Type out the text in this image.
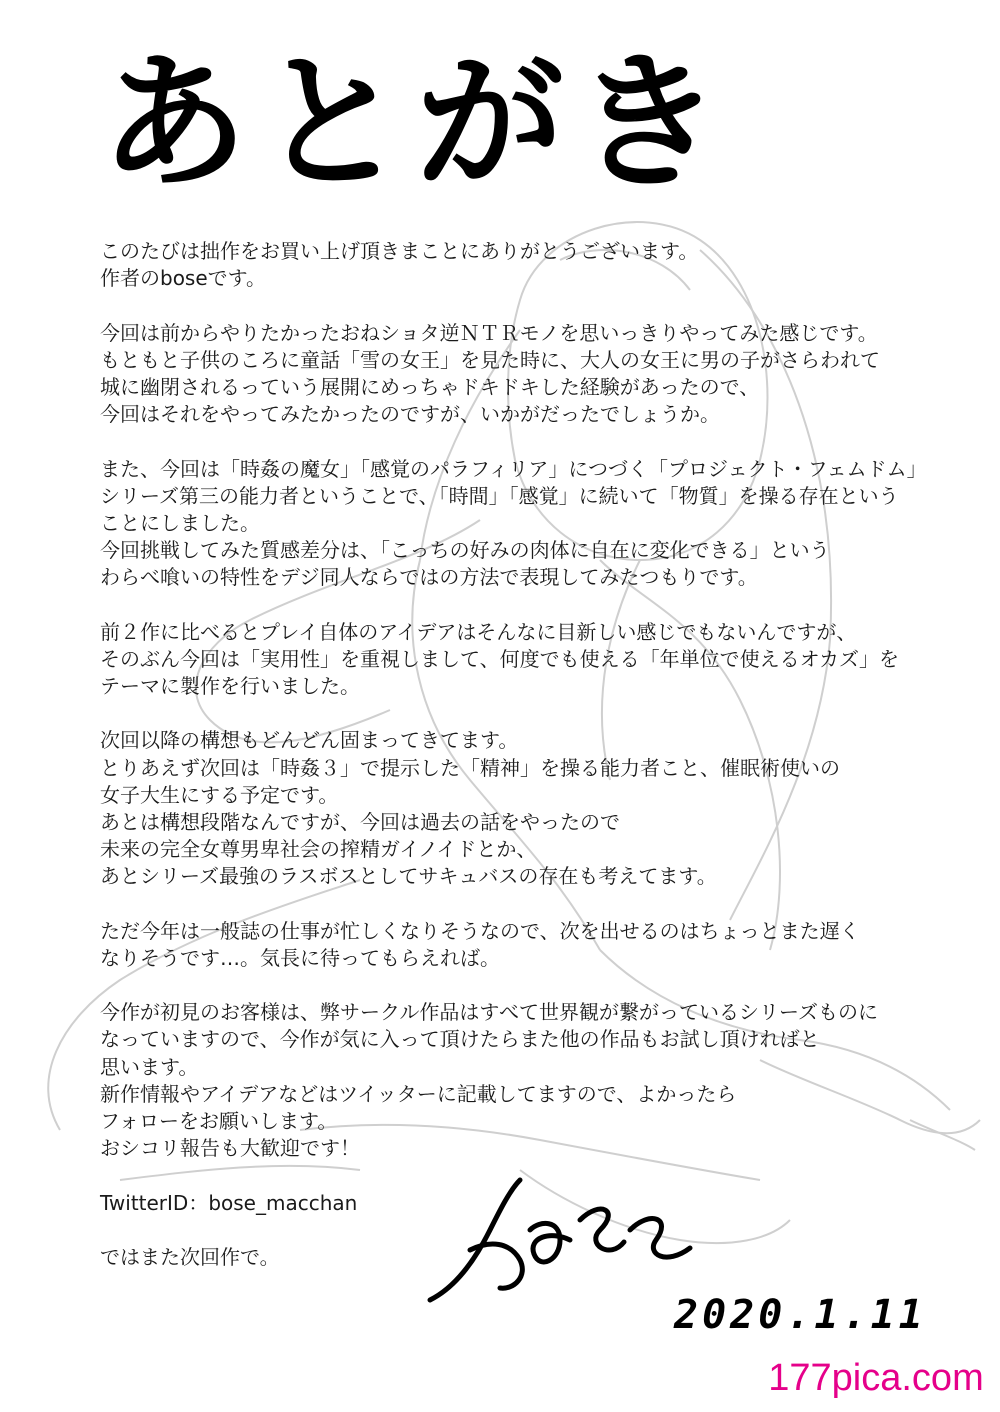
あとがき
このたびは拙作をお買い上げ頂きまことにありがとうございます。
作者のboseです。
今回は前からやりたかったおねショタ逆ＮＴＲモノを思いっきりやってみた感じです。
もともと子供のころに童話「雪の女王」を見た時に、大人の女王に男の子がさらわれて
城に幽閉されるっていう展開にめっちゃドキドキした経験があったので、
今回はそれをやってみたかったのですが、いかがだったでしょうか。
また、今回は「時姦の魔女」「感覚のパラフィリア」につづく「プロジェクト・フェムドム」
シリーズ第三の能力者ということで、「時間」「感覚」に続いて「物質」を操る存在という
ことにしました。
今回挑戦してみた質感差分は、「こっちの好みの肉体に自在に変化できる」という
わらべ喰いの特性をデジ同人ならではの方法で表現してみたつもりです。
前２作に比べるとプレイ自体のアイデアはそんなに目新しい感じでもないんですが、
そのぶん今回は「実用性」を重視しまして、何度でも使える「年単位で使えるオカズ」を
テーマに製作を行いました。
次回以降の構想もどんどん固まってきてます。
とりあえず次回は「時姦３」で提示した「精神」を操る能力者こと、催眠術使いの
女子大生にする予定です。
あとは構想段階なんですが、今回は過去の話をやったので
未来の完全女尊男卑社会の搾精ガイノイドとか、
あとシリーズ最強のラスボスとしてサキュバスの存在も考えてます。
ただ今年は一般誌の仕事が忙しくなりそうなので、次を出せるのはちょっとまた遅く
なりそうです…。気長に待ってもらえれば。
今作が初見のお客様は、弊サークル作品はすべて世界観が繋がっているシリーズものに
なっていますので、今作が気に入って頂けたらまた他の作品もお試し頂ければと
思います。
新作情報やアイデアなどはツイッターに記載してますので、よかったら
フォローをお願いします。
おシコリ報告も大歓迎です！
TwitterID：bose_macchan
ではまた次回作で。
2020.1.11
177pica.com
